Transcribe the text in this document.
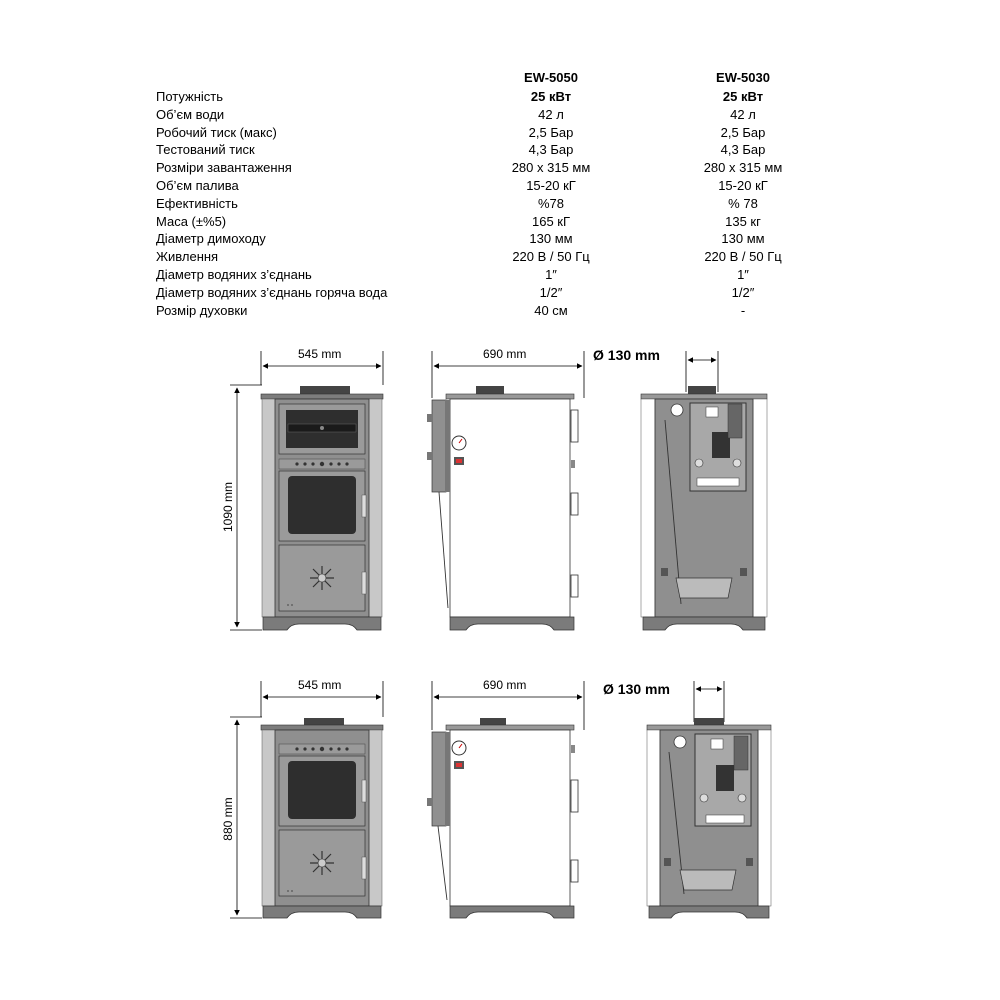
EW-5050	EW-5030
Потужність	25 кВт	25 кВт
Об’єм води	42 л	42 л
Робочий тиск (макс)	2,5 Бар	2,5 Бар
Тестований тиск	4,3 Бар	4,3 Бар
Розміри завантаження	280 x 315 мм	280 x 315 мм
Об’єм палива	15-20 кГ	15-20 кГ
Ефективність	%78	% 78
Маса (±%5)	165 кГ	135 кг
Діаметр димоходу	130 мм	130 мм
Живлення	220 В / 50 Гц	220 В / 50 Гц
Діаметр водяних з’єднань	1″	1″
Діаметр водяних з’єднань горяча вода	1/2″	1/2″
Розмір духовки	40 см	-
545 mm	690 mm
1090 mm
Ø 130 mm
545 mm	690 mm
880 mm
Ø 130 mm
